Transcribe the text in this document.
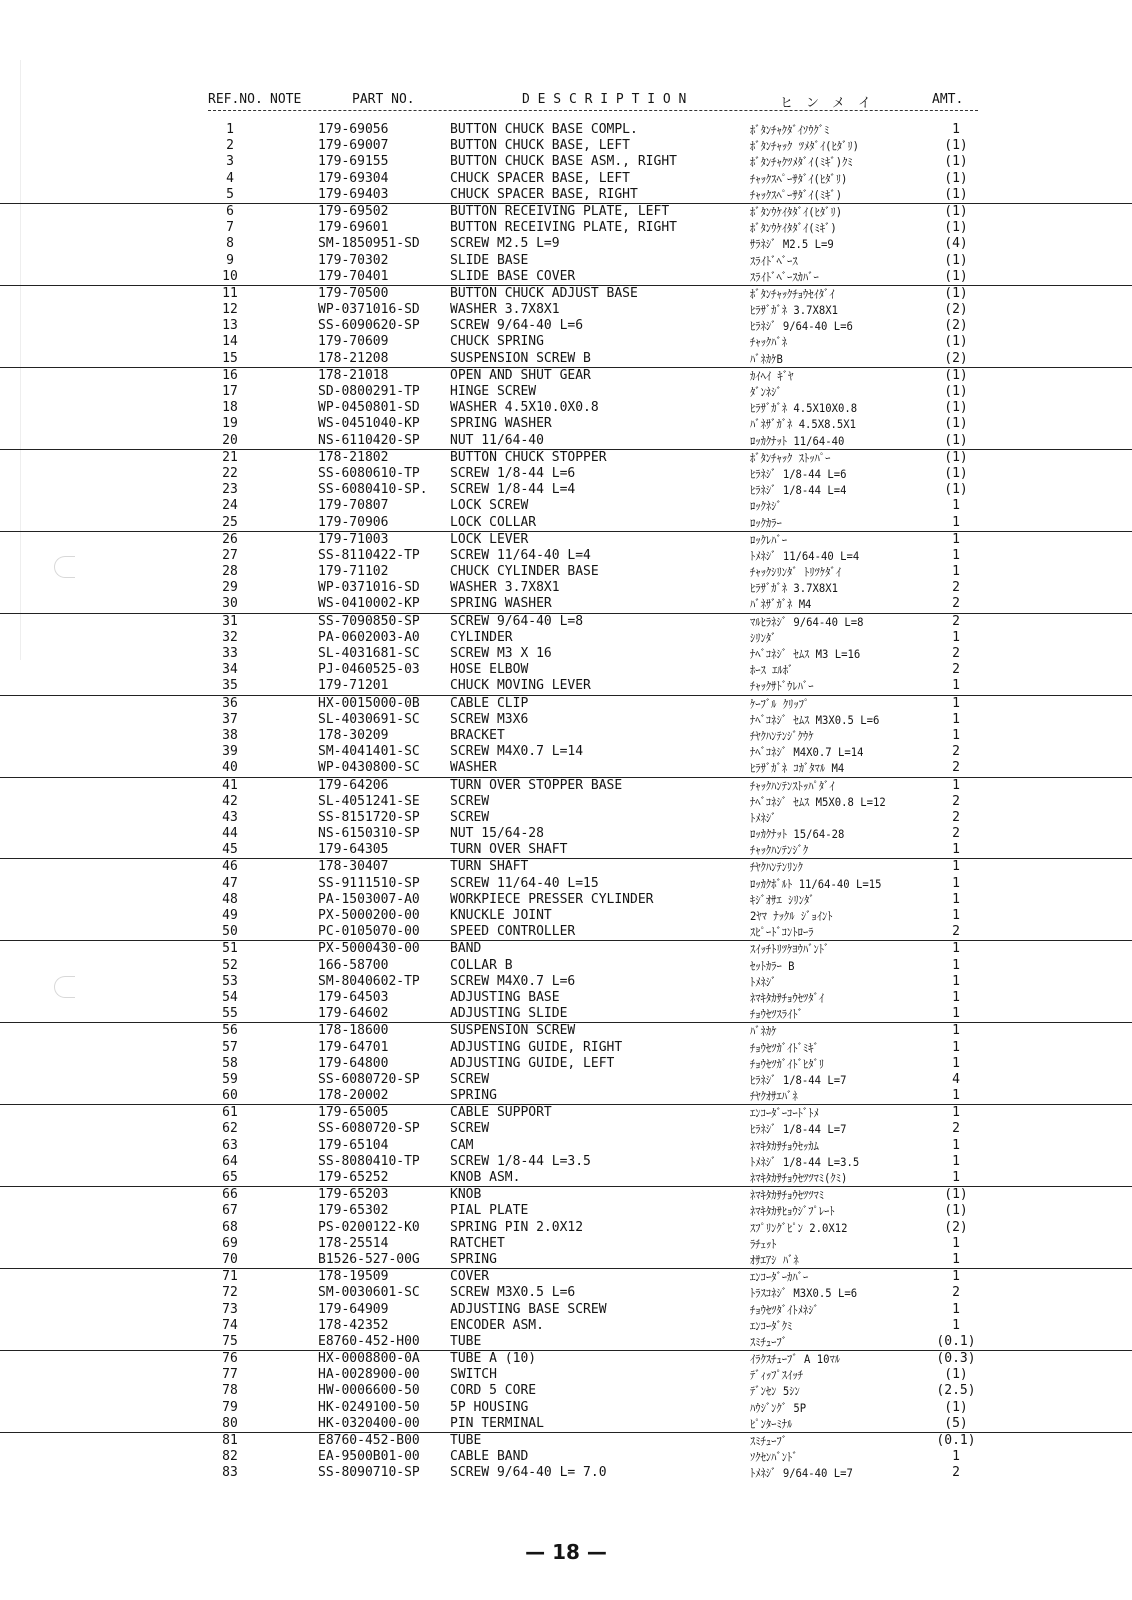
REF.NO. NOTE	PART NO.	D E S C R I P T I O N	ヒ　ン　メ　イ	AMT.
1	179-69056	BUTTON CHUCK BASE COMPL.	ﾎﾞﾀﾝﾁｬｸﾀﾞｲｿｳｸﾞﾐ	1
2	179-69007	BUTTON CHUCK BASE, LEFT	ﾎﾞﾀﾝﾁｬｯｸ ﾂﾒﾀﾞｲ(ﾋﾀﾞﾘ)	(1)
3	179-69155	BUTTON CHUCK BASE ASM., RIGHT	ﾎﾞﾀﾝﾁｬｸﾂﾒﾀﾞｲ(ﾐｷﾞ)ｸﾐ	(1)
4	179-69304	CHUCK SPACER BASE, LEFT	ﾁｬｯｸｽﾍﾟｰｻﾀﾞｲ(ﾋﾀﾞﾘ)	(1)
5	179-69403	CHUCK SPACER BASE, RIGHT	ﾁｬｯｸｽﾍﾟｰｻﾀﾞｲ(ﾐｷﾞ)	(1)
6	179-69502	BUTTON RECEIVING PLATE, LEFT	ﾎﾞﾀﾝｳｹｲﾀﾀﾞｲ(ﾋﾀﾞﾘ)	(1)
7	179-69601	BUTTON RECEIVING PLATE, RIGHT	ﾎﾞﾀﾝｳｹｲﾀﾀﾞｲ(ﾐｷﾞ)	(1)
8	SM-1850951-SD	SCREW M2.5 L=9	ｻﾗﾈｼﾞ M2.5 L=9	(4)
9	179-70302	SLIDE BASE	ｽﾗｲﾄﾞﾍﾞｰｽ	(1)
10	179-70401	SLIDE BASE COVER	ｽﾗｲﾄﾞﾍﾞｰｽｶﾊﾞｰ	(1)
11	179-70500	BUTTON CHUCK ADJUST BASE	ﾎﾞﾀﾝﾁｬｯｸﾁｮｳｾｲﾀﾞｲ	(1)
12	WP-0371016-SD	WASHER 3.7X8X1	ﾋﾗｻﾞｶﾞﾈ 3.7X8X1	(2)
13	SS-6090620-SP	SCREW 9/64-40 L=6	ﾋﾗﾈｼﾞ 9/64-40 L=6	(2)
14	179-70609	CHUCK SPRING	ﾁｬｯｸﾊﾞﾈ	(1)
15	178-21208	SUSPENSION SCREW B	ﾊﾞﾈｶｹB	(2)
16	178-21018	OPEN AND SHUT GEAR	ｶｲﾍｲ ｷﾞﾔ	(1)
17	SD-0800291-TP	HINGE SCREW	ﾀﾞﾝﾈｼﾞ	(1)
18	WP-0450801-SD	WASHER 4.5X10.0X0.8	ﾋﾗｻﾞｶﾞﾈ 4.5X10X0.8	(1)
19	WS-0451040-KP	SPRING WASHER	ﾊﾞﾈｻﾞｶﾞﾈ 4.5X8.5X1	(1)
20	NS-6110420-SP	NUT 11/64-40	ﾛｯｶｸﾅｯﾄ 11/64-40	(1)
21	178-21802	BUTTON CHUCK STOPPER	ﾎﾞﾀﾝﾁｬｯｸ ｽﾄｯﾊﾟｰ	(1)
22	SS-6080610-TP	SCREW 1/8-44 L=6	ﾋﾗﾈｼﾞ 1/8-44 L=6	(1)
23	SS-6080410-SP.	SCREW 1/8-44 L=4	ﾋﾗﾈｼﾞ 1/8-44 L=4	(1)
24	179-70807	LOCK SCREW	ﾛｯｸﾈｼﾞ	1
25	179-70906	LOCK COLLAR	ﾛｯｸｶﾗｰ	1
26	179-71003	LOCK LEVER	ﾛｯｸﾚﾊﾞｰ	1
27	SS-8110422-TP	SCREW 11/64-40 L=4	ﾄﾒﾈｼﾞ 11/64-40 L=4	1
28	179-71102	CHUCK CYLINDER BASE	ﾁｬｯｸｼﾘﾝﾀﾞ ﾄﾘﾂｹﾀﾞｲ	1
29	WP-0371016-SD	WASHER 3.7X8X1	ﾋﾗｻﾞｶﾞﾈ 3.7X8X1	2
30	WS-0410002-KP	SPRING WASHER	ﾊﾞﾈｻﾞｶﾞﾈ M4	2
31	SS-7090850-SP	SCREW 9/64-40 L=8	ﾏﾙﾋﾗﾈｼﾞ 9/64-40 L=8	2
32	PA-0602003-A0	CYLINDER	ｼﾘﾝﾀﾞ	1
33	SL-4031681-SC	SCREW M3 X 16	ﾅﾍﾞｺﾈｼﾞ ｾﾑｽ M3 L=16	2
34	PJ-0460525-03	HOSE ELBOW	ﾎｰｽ ｴﾙﾎﾞ	2
35	179-71201	CHUCK MOVING LEVER	ﾁｬｯｸｻﾄﾞｳﾚﾊﾞｰ	1
36	HX-0015000-0B	CABLE CLIP	ｹｰﾌﾞﾙ ｸﾘｯﾌﾟ	1
37	SL-4030691-SC	SCREW M3X6	ﾅﾍﾞｺﾈｼﾞ ｾﾑｽ M3X0.5 L=6	1
38	178-30209	BRACKET	ﾁﾔｸﾊﾝﾃﾝｼﾞｸｳｹ	1
39	SM-4041401-SC	SCREW M4X0.7 L=14	ﾅﾍﾞｺﾈｼﾞ M4X0.7 L=14	2
40	WP-0430800-SC	WASHER	ﾋﾗｻﾞｶﾞﾈ ｺｶﾞﾀﾏﾙ M4	2
41	179-64206	TURN OVER STOPPER BASE	ﾁｬｯｸﾊﾝﾃﾝｽﾄｯﾊﾟﾀﾞｲ	1
42	SL-4051241-SE	SCREW	ﾅﾍﾞｺﾈｼﾞ ｾﾑｽ M5X0.8 L=12	2
43	SS-8151720-SP	SCREW	ﾄﾒﾈｼﾞ	2
44	NS-6150310-SP	NUT 15/64-28	ﾛｯｶｸﾅｯﾄ 15/64-28	2
45	179-64305	TURN OVER SHAFT	ﾁｬｯｸﾊﾝﾃﾝｼﾞｸ	1
46	178-30407	TURN SHAFT	ﾁﾔｸﾊﾝﾃﾝﾘﾝｸ	1
47	SS-9111510-SP	SCREW 11/64-40 L=15	ﾛｯｶｸﾎﾞﾙﾄ 11/64-40 L=15	1
48	PA-1503007-A0	WORKPIECE PRESSER CYLINDER	ｷｼﾞｵｻｴ ｼﾘﾝﾀﾞ	1
49	PX-5000200-00	KNUCKLE JOINT	2ﾔﾏ ﾅｯｸﾙ ｼﾞｮｲﾝﾄ	1
50	PC-0105070-00	SPEED CONTROLLER	ｽﾋﾟｰﾄﾞｺﾝﾄﾛｰﾗ	2
51	PX-5000430-00	BAND	ｽｲｯﾁﾄﾘﾂｹﾖｳﾊﾞﾝﾄﾞ	1
52	166-58700	COLLAR B	ｾｯﾄｶﾗｰ B	1
53	SM-8040602-TP	SCREW M4X0.7 L=6	ﾄﾒﾈｼﾞ	1
54	179-64503	ADJUSTING BASE	ﾈﾏｷﾀｶｻﾁｮｳｾﾂﾀﾞｲ	1
55	179-64602	ADJUSTING SLIDE	ﾁｮｳｾﾂｽﾗｲﾄﾞ	1
56	178-18600	SUSPENSION SCREW	ﾊﾞﾈｶｹ	1
57	179-64701	ADJUSTING GUIDE, RIGHT	ﾁｮｳｾﾂｶﾞｲﾄﾞﾐｷﾞ	1
58	179-64800	ADJUSTING GUIDE, LEFT	ﾁｮｳｾﾂｶﾞｲﾄﾞﾋﾀﾞﾘ	1
59	SS-6080720-SP	SCREW	ﾋﾗﾈｼﾞ 1/8-44 L=7	4
60	178-20002	SPRING	ﾁﾔｸｵｻｴﾊﾞﾈ	1
61	179-65005	CABLE SUPPORT	ｴﾝｺｰﾀﾞｰｺｰﾄﾞﾄﾒ	1
62	SS-6080720-SP	SCREW	ﾋﾗﾈｼﾞ 1/8-44 L=7	2
63	179-65104	CAM	ﾈﾏｷﾀｶｻﾁｮｳｾｯｶﾑ	1
64	SS-8080410-TP	SCREW 1/8-44 L=3.5	ﾄﾒﾈｼﾞ 1/8-44 L=3.5	1
65	179-65252	KNOB ASM.	ﾈﾏｷﾀｶｻﾁｮｳｾﾂﾂﾏﾐ(ｸﾐ)	1
66	179-65203	KNOB	ﾈﾏｷﾀｶｻﾁｮｳｾﾂﾂﾏﾐ	(1)
67	179-65302	PIAL PLATE	ﾈﾏｷﾀｶｻﾋｮｳｼﾞﾌﾟﾚｰﾄ	(1)
68	PS-0200122-K0	SPRING PIN 2.0X12	ｽﾌﾟﾘﾝｸﾞﾋﾟﾝ 2.0X12	(2)
69	178-25514	RATCHET	ﾗﾁｪｯﾄ	1
70	B1526-527-00G	SPRING	ｵｻｴｱｼ ﾊﾞﾈ	1
71	178-19509	COVER	ｴﾝｺｰﾀﾞｰｶﾊﾞｰ	1
72	SM-0030601-SC	SCREW M3X0.5 L=6	ﾄﾗｽｺﾈｼﾞ M3X0.5 L=6	2
73	179-64909	ADJUSTING BASE SCREW	ﾁｮｳｾﾂﾀﾞｲﾄﾒﾈｼﾞ	1
74	178-42352	ENCODER ASM.	ｴﾝｺｰﾀﾞｸﾐ	1
75	E8760-452-H00	TUBE	ｽﾐﾁｭｰﾌﾞ	(0.1)
76	HX-0008800-0A	TUBE A (10)	ｲﾗｸｽﾁｭｰﾌﾞ A 10ﾏﾙ	(0.3)
77	HA-0028900-00	SWITCH	ﾃﾞｨｯﾌﾟｽｲｯﾁ	(1)
78	HW-0006600-50	CORD 5 CORE	ﾃﾞﾝｾﾝ 5ｼﾝ	(2.5)
79	HK-0249100-50	5P HOUSING	ﾊｳｼﾞﾝｸﾞ 5P	(1)
80	HK-0320400-00	PIN TERMINAL	ﾋﾟﾝﾀｰﾐﾅﾙ	(5)
81	E8760-452-B00	TUBE	ｽﾐﾁｭｰﾌﾞ	(0.1)
82	EA-9500B01-00	CABLE BAND	ｿｸｾﾝﾊﾞﾝﾄﾞ	1
83	SS-8090710-SP	SCREW 9/64-40 L= 7.0	ﾄﾒﾈｼﾞ 9/64-40 L=7	2
— 18 —
